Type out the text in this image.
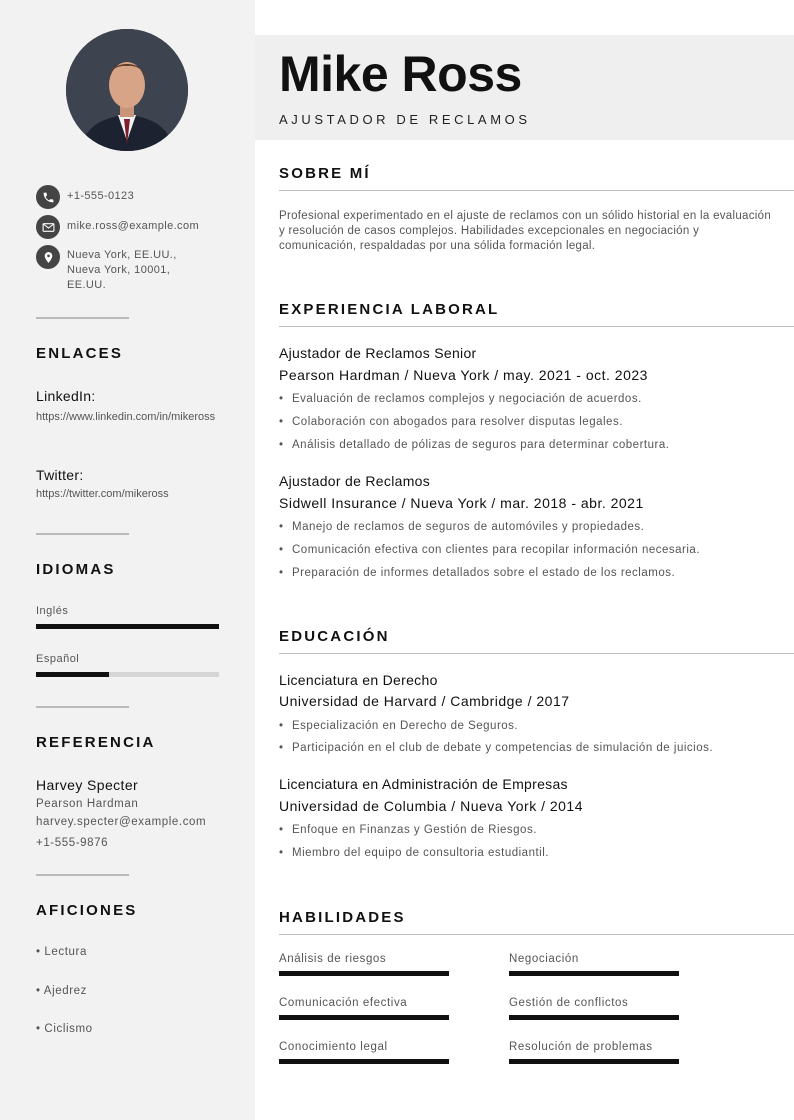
+1-555-0123
mike.ross@example.com
Nueva York, EE.UU., Nueva York, 10001, EE.UU.
ENLACES
LinkedIn:
https://www.linkedin.com/in/mikeross
Twitter:
https://twitter.com/mikeross
IDIOMAS
Inglés
Español
REFERENCIA
Harvey Specter
Pearson Hardman
harvey.specter@example.com
+1-555-9876
AFICIONES
• Lectura
• Ajedrez
• Ciclismo
Mike Ross
AJUSTADOR DE RECLAMOS
SOBRE MÍ
Profesional experimentado en el ajuste de reclamos con un sólido historial en la evaluación y resolución de casos complejos. Habilidades excepcionales en negociación y comunicación, respaldadas por una sólida formación legal.
EXPERIENCIA LABORAL
Ajustador de Reclamos Senior
Pearson Hardman / Nueva York / may. 2021 - oct. 2023
• Evaluación de reclamos complejos y negociación de acuerdos.
• Colaboración con abogados para resolver disputas legales.
• Análisis detallado de pólizas de seguros para determinar cobertura.
Ajustador de Reclamos
Sidwell Insurance / Nueva York / mar. 2018 - abr. 2021
• Manejo de reclamos de seguros de automóviles y propiedades.
• Comunicación efectiva con clientes para recopilar información necesaria.
• Preparación de informes detallados sobre el estado de los reclamos.
EDUCACIÓN
Licenciatura en Derecho
Universidad de Harvard / Cambridge / 2017
• Especialización en Derecho de Seguros.
• Participación en el club de debate y competencias de simulación de juicios.
Licenciatura en Administración de Empresas
Universidad de Columbia / Nueva York / 2014
• Enfoque en Finanzas y Gestión de Riesgos.
• Miembro del equipo de consultoria estudiantil.
HABILIDADES
Análisis de riesgos	Negociación
Comunicación efectiva	Gestión de conflictos
Conocimiento legal	Resolución de problemas
